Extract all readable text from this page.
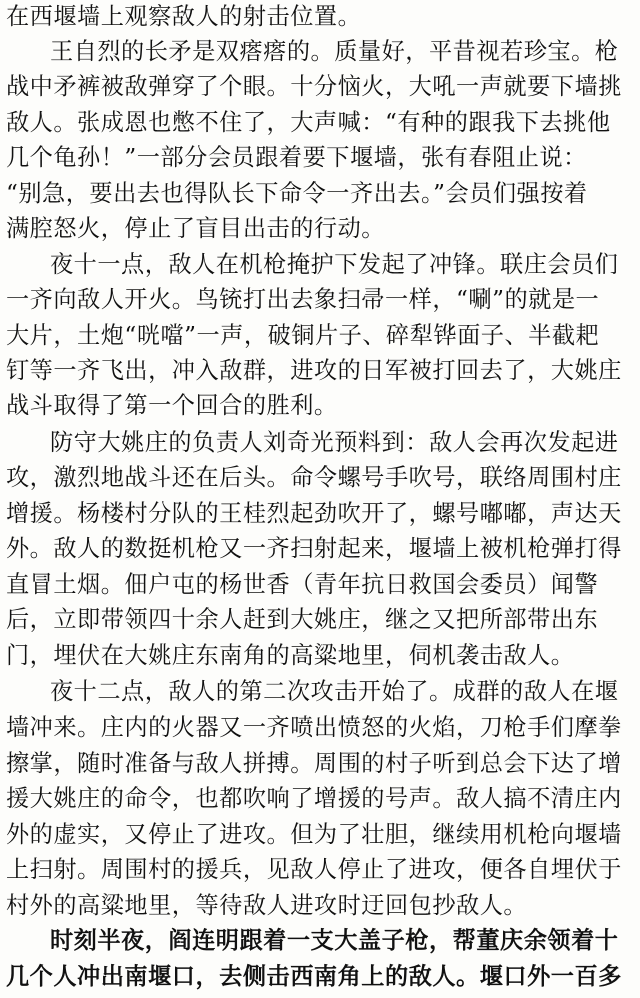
在西堰墙上观察敌人的射击位置。
王自烈的长矛是双瘩瘩的。质量好，平昔视若珍宝。枪
战中矛裤被敌弹穿了个眼。十分恼火，大吼一声就要下墙挑
敌人。张成恩也憋不住了，大声喊：“有种的跟我下去挑他
几个龟孙！”一部分会员跟着要下堰墙，张有春阻止说：
“别急，要出去也得队长下命令一齐出去。”会员们强按着
满腔怒火，停止了盲目出击的行动。
夜十一点，敌人在机枪掩护下发起了冲锋。联庄会员们
一齐向敌人开火。鸟铳打出去象扫帚一样，“唰”的就是一
大片，土炮“咣噹”一声，破铜片子、碎犁铧面子、半截耙
钉等一齐飞出，冲入敌群，进攻的日军被打回去了，大姚庄
战斗取得了第一个回合的胜利。
防守大姚庄的负责人刘奇光预料到：敌人会再次发起进
攻，激烈地战斗还在后头。命令螺号手吹号，联络周围村庄
增援。杨楼村分队的王桂烈起劲吹开了，螺号嘟嘟，声达天
外。敌人的数挺机枪又一齐扫射起来，堰墙上被机枪弹打得
直冒土烟。佃户屯的杨世香（青年抗日救国会委员）闻警
后，立即带领四十余人赶到大姚庄，继之又把所部带出东
门，埋伏在大姚庄东南角的高粱地里，伺机袭击敌人。
夜十二点，敌人的第二次攻击开始了。成群的敌人在堰
墙冲来。庄内的火器又一齐喷出愤怒的火焰，刀枪手们摩拳
擦掌，随时准备与敌人拼搏。周围的村子听到总会下达了增
援大姚庄的命令，也都吹响了增援的号声。敌人搞不清庄内
外的虚实，又停止了进攻。但为了壮胆，继续用机枪向堰墙
上扫射。周围村的援兵，见敌人停止了进攻，便各自埋伏于
村外的高粱地里，等待敌人进攻时迂回包抄敌人。
时刻半夜，阎连明跟着一支大盖子枪，帮董庆余领着十
几个人冲出南堰口，去侧击西南角上的敌人。堰口外一百多
